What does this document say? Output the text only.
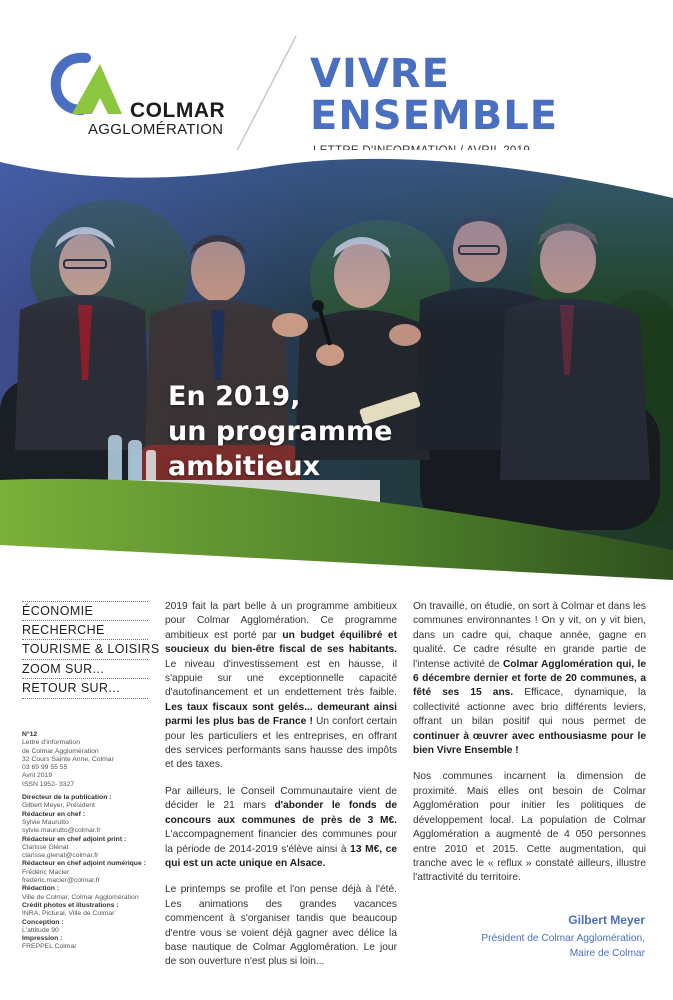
COLMAR
AGGLOMÉRATION
VIVRE
ENSEMBLE
En 2019,
un programme
ambitieux
ÉCONOMIE
RECHERCHE
TOURISME & LOISIRS
ZOOM SUR...
RETOUR SUR...
N°12
Lettre d'information
de Colmar Agglomération
32 Cours Sainte Anne, Colmar
03 69 99 55 55
Avril 2019
ISSN 1952- 3327
Directeur de la publication :
Gilbert Meyer, Président
Rédacteur en chef :
Sylvie Maurutto
sylvie.maurutto@colmar.fr
Rédacteur en chef adjoint print :
Clarisse Glénat
clarisse.glenat@colmar.fr
Rédacteur en chef adjoint numérique :
Frédéric Macler
frederic.macler@colmar.fr
Rédaction :
Ville de Colmar, Colmar Agglomération
Crédit photos et illustrations :
INRA, Pictural, Ville de Colmar
Conception :
L'attitude 90
Impression :
FREPPEL Colmar

2019 fait la part belle à un programme ambitieux pour Colmar Agglomération. Ce programme ambitieux est porté par un budget équilibré et soucieux du bien-être fiscal de ses habitants. Le niveau d'investissement est en hausse, il s'appuie sur une exceptionnelle capacité d'autofinancement et un endettement très faible. Les taux fiscaux sont gelés... demeurant ainsi parmi les plus bas de France ! Un confort certain pour les particuliers et les entreprises, en offrant des services performants sans hausse des impôts et des taxes.

Par ailleurs, le Conseil Communautaire vient de décider le 21 mars d'abonder le fonds de concours aux communes de près de 3 M€. L'accompagnement financier des communes pour la période de 2014-2019 s'élève ainsi à 13 M€, ce qui est un acte unique en Alsace.

Le printemps se profile et l'on pense déjà à l'été. Les animations des grandes vacances commencent à s'organiser tandis que beaucoup d'entre vous se voient déjà gagner avec délice la base nautique de Colmar Agglomération. Le jour de son ouverture n'est plus si loin...

On travaille, on étudie, on sort à Colmar et dans les communes environnantes ! On y vit, on y vit bien, dans un cadre qui, chaque année, gagne en qualité. Ce cadre résulte en grande partie de l'intense activité de Colmar Agglomération qui, le 6 décembre dernier et forte de 20 communes, a fêté ses 15 ans. Efficace, dynamique, la collectivité actionne avec brio différents leviers, offrant un bilan positif qui nous permet de continuer à œuvrer avec enthousiasme pour le bien Vivre Ensemble !

Nos communes incarnent la dimension de proximité. Mais elles ont besoin de Colmar Agglomération pour initier les politiques de développement local. La population de Colmar Agglomération a augmenté de 4 050 personnes entre 2010 et 2015. Cette augmentation, qui tranche avec le « reflux » constaté ailleurs, illustre l'attractivité du territoire.

Gilbert Meyer
Président de Colmar Agglomération,
Maire de Colmar
